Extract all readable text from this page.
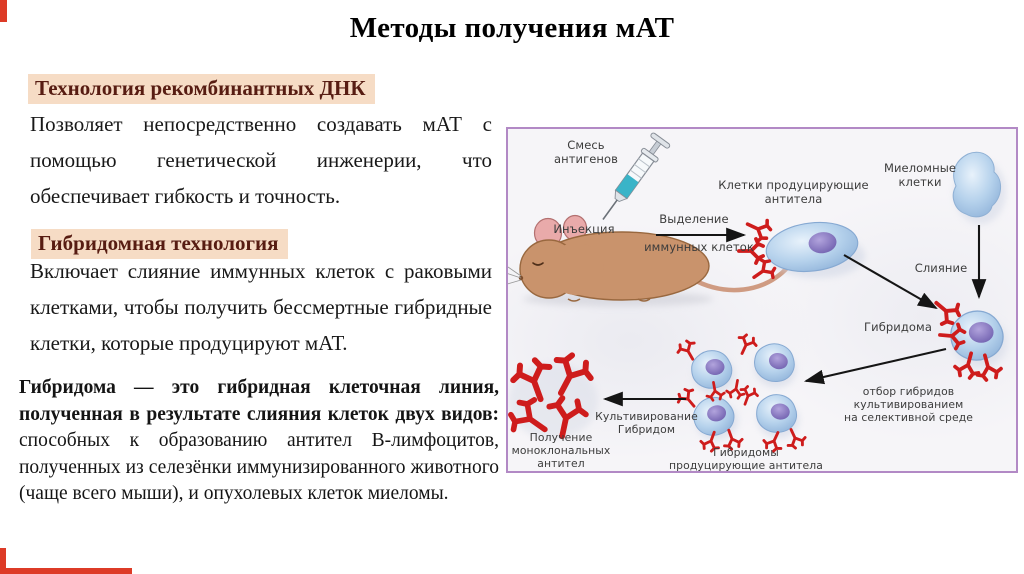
Методы получения мАТ
Технология рекомбинантных ДНК
Позволяет непосредственно создавать мАТ с помощью генетической инженерии, что обеспечивает гибкость и точность.
Гибридомная технология
Включает слияние иммунных клеток с раковыми клетками, чтобы получить бессмертные гибридные клетки, которые продуцируют мАТ.
Гибридома — это гибридная клеточная линия, полученная в результате слияния клеток двух видов: способных к образованию антител В-лимфоцитов, полученных из селезёнки иммунизированного животного (чаще всего мыши), и опухолевых клеток миеломы.
Смесь
антигенов
Инъекция
Выделение
иммунных клеток
Клетки продуцирующие
антитела
Миеломные
клетки
Слияние
Гибридома
отбор гибридов
культивированием
на селективной среде
Культивирование
Гибридом
Гибридомы
продуцирующие антитела
Получение
моноклональных
антител
